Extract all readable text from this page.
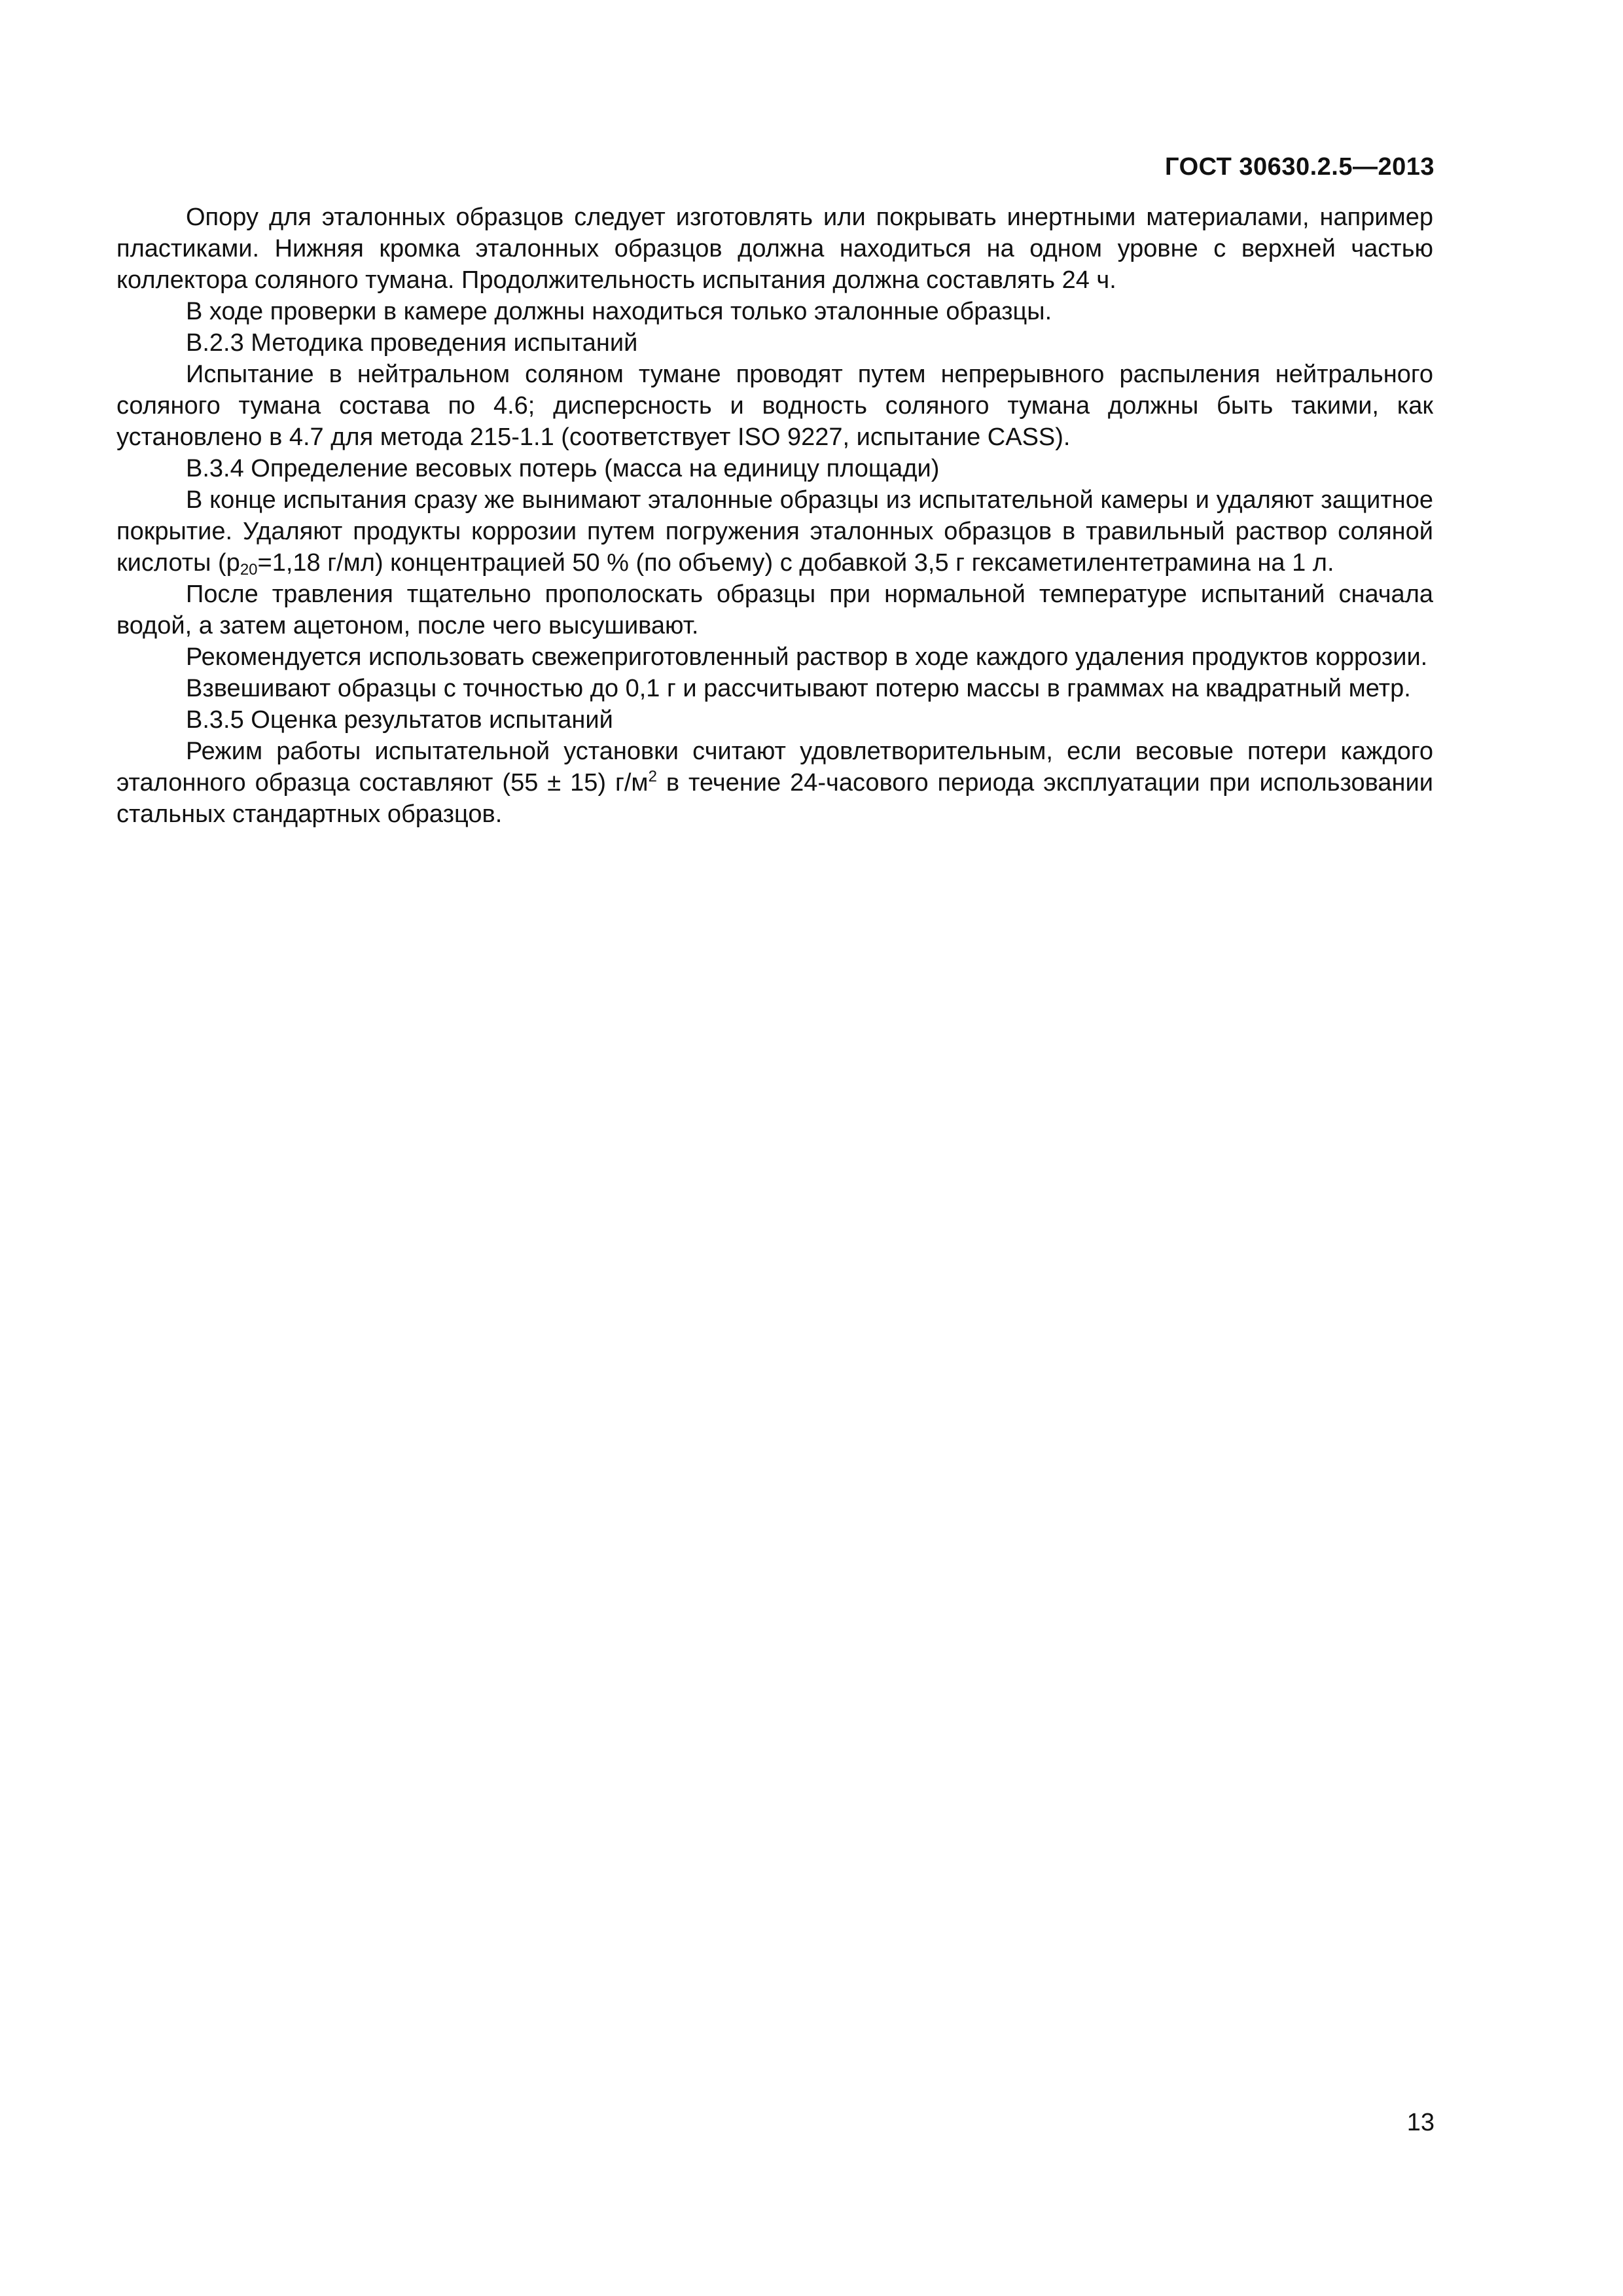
ГОСТ 30630.2.5—2013

Опору для эталонных образцов следует изготовлять или покрывать инертными материалами, например пластиками. Нижняя кромка эталонных образцов должна находиться на одном уровне с верхней частью коллектора соляного тумана. Продолжительность испытания должна составлять 24 ч.

В ходе проверки в камере должны находиться только эталонные образцы.

В.2.3 Методика проведения испытаний

Испытание в нейтральном соляном тумане проводят путем непрерывного распыления нейтрального соляного тумана состава по 4.6; дисперсность и водность соляного тумана должны быть такими, как установлено в 4.7 для метода 215-1.1 (соответствует ISO 9227, испытание CASS).

В.3.4 Определение весовых потерь (масса на единицу площади)

В конце испытания сразу же вынимают эталонные образцы из испытательной камеры и удаляют защитное покрытие. Удаляют продукты коррозии путем погружения эталонных образцов в травильный раствор соляной кислоты ($р_{20}=1,18$ г/мл) концентрацией 50 % (по объему) с добавкой 3,5 г гексаметилентетрамина на 1 л.

После травления тщательно прополоскать образцы при нормальной температуре испытаний сначала водой, а затем ацетоном, после чего высушивают.

Рекомендуется использовать свежеприготовленный раствор в ходе каждого удаления продуктов коррозии.

Взвешивают образцы с точностью до 0,1 г и рассчитывают потерю массы в граммах на квадратный метр.

В.3.5 Оценка результатов испытаний

Режим работы испытательной установки считают удовлетворительным, если весовые потери каждого эталонного образца составляют (55 ± 15) $г/м^2$ в течение 24-часового периода эксплуатации при использовании стальных стандартных образцов.

13
